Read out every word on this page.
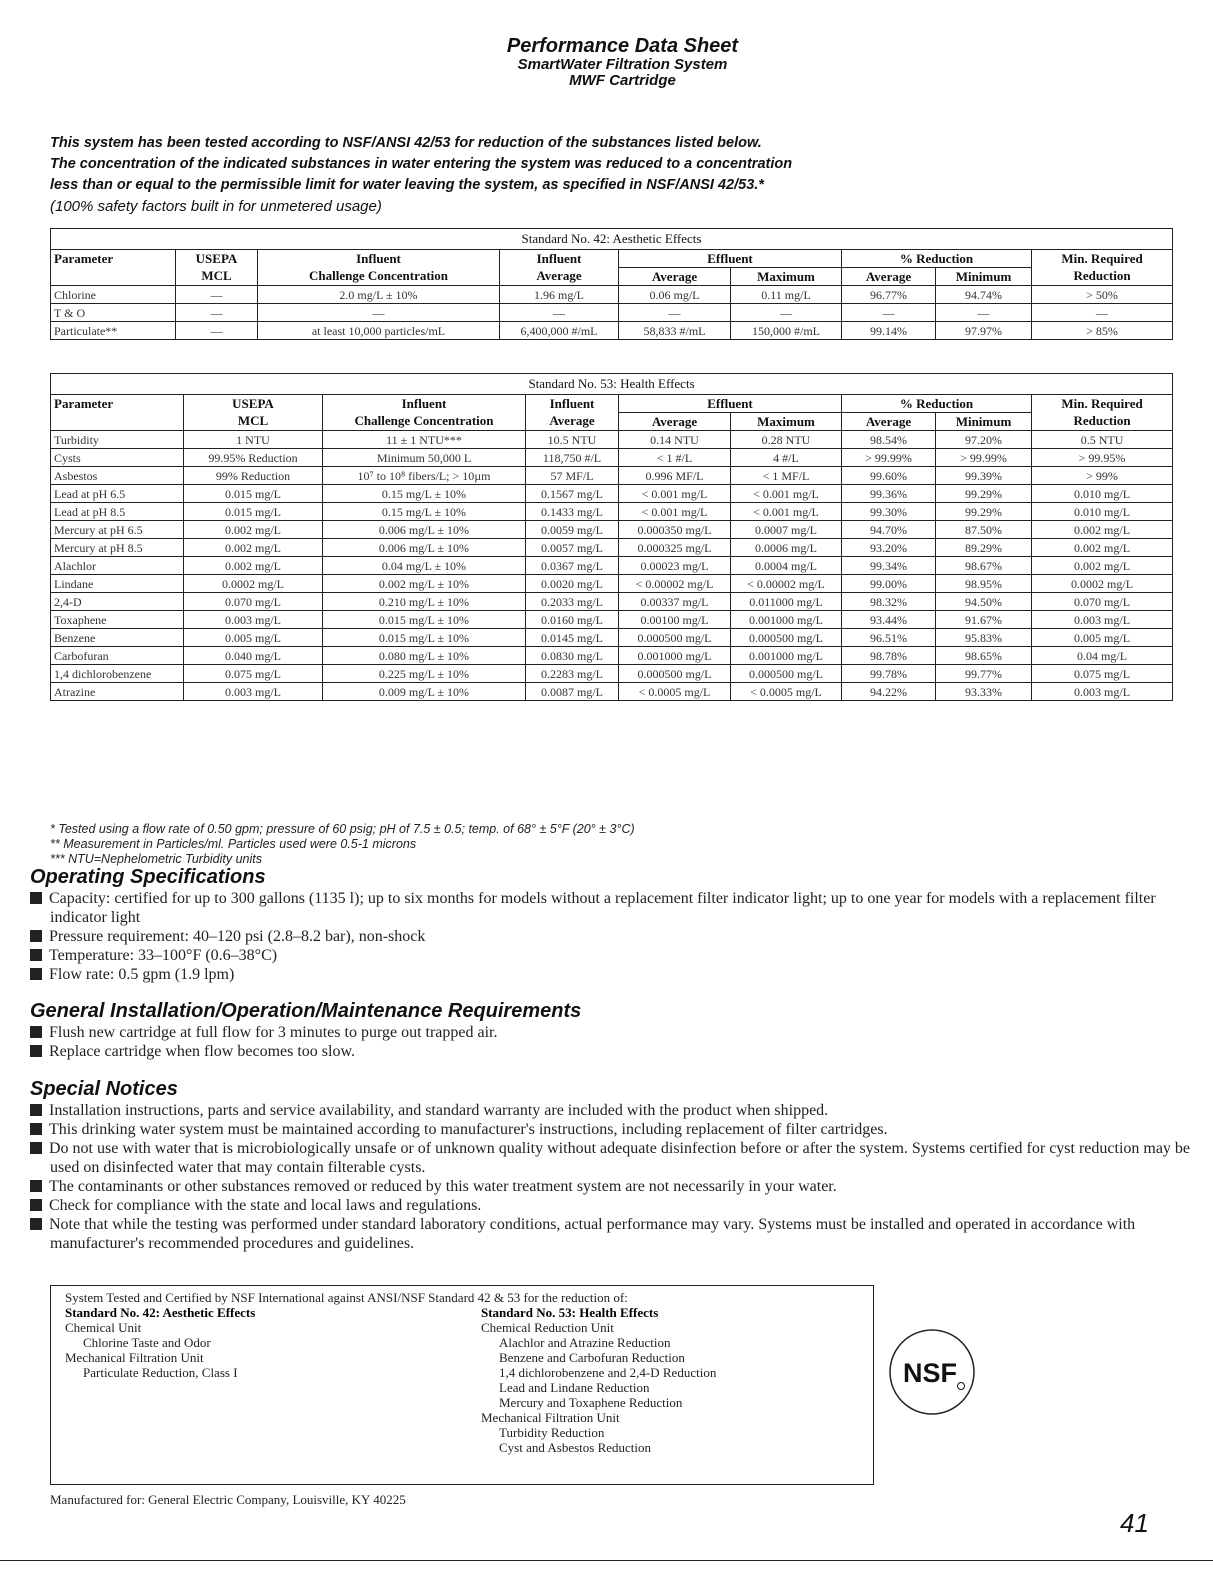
Performance Data Sheet
SmartWater Filtration System
MWF Cartridge
This system has been tested according to NSF/ANSI 42/53 for reduction of the substances listed below.
The concentration of the indicated substances in water entering the system was reduced to a concentration
less than or equal to the permissible limit for water leaving the system, as specified in NSF/ANSI 42/53.*
(100% safety factors built in for unmetered usage)
Standard No. 42: Aesthetic Effects								
Parameter	USEPA	Influent	Influent	Effluent		% Reduction		Min. Required
	MCL	Challenge Concentration	Average	Average	Maximum	Average	Minimum	Reduction
Chlorine	—	2.0 mg/L ± 10%	1.96 mg/L	0.06 mg/L	0.11 mg/L	96.77%	94.74%	> 50%
T & O	—	—	—	—	—	—	—	—
Particulate**	—	at least 10,000 particles/mL	6,400,000 #/mL	58,833 #/mL	150,000 #/mL	99.14%	97.97%	> 85%
Standard No. 53: Health Effects								
Parameter	USEPA	Influent	Influent	Effluent		% Reduction		Min. Required
	MCL	Challenge Concentration	Average	Average	Maximum	Average	Minimum	Reduction
Turbidity	1 NTU	11 ± 1 NTU***	10.5 NTU	0.14 NTU	0.28 NTU	98.54%	97.20%	0.5 NTU
Cysts	99.95% Reduction	Minimum 50,000 L	118,750 #/L	< 1 #/L	4 #/L	> 99.99%	> 99.99%	> 99.95%
Asbestos	99% Reduction	10⁷ to 10⁸ fibers/L; > 10µm	57 MF/L	0.996 MF/L	< 1 MF/L	99.60%	99.39%	> 99%
Lead at pH 6.5	0.015 mg/L	0.15 mg/L ± 10%	0.1567 mg/L	< 0.001 mg/L	< 0.001 mg/L	99.36%	99.29%	0.010 mg/L
Lead at pH 8.5	0.015 mg/L	0.15 mg/L ± 10%	0.1433 mg/L	< 0.001 mg/L	< 0.001 mg/L	99.30%	99.29%	0.010 mg/L
Mercury at pH 6.5	0.002 mg/L	0.006 mg/L ± 10%	0.0059 mg/L	0.000350 mg/L	0.0007 mg/L	94.70%	87.50%	0.002 mg/L
Mercury at pH 8.5	0.002 mg/L	0.006 mg/L ± 10%	0.0057 mg/L	0.000325 mg/L	0.0006 mg/L	93.20%	89.29%	0.002 mg/L
Alachlor	0.002 mg/L	0.04 mg/L ± 10%	0.0367 mg/L	0.00023 mg/L	0.0004 mg/L	99.34%	98.67%	0.002 mg/L
Lindane	0.0002 mg/L	0.002 mg/L ± 10%	0.0020 mg/L	< 0.00002 mg/L	< 0.00002 mg/L	99.00%	98.95%	0.0002 mg/L
2,4-D	0.070 mg/L	0.210 mg/L ± 10%	0.2033 mg/L	0.00337 mg/L	0.011000 mg/L	98.32%	94.50%	0.070 mg/L
Toxaphene	0.003 mg/L	0.015 mg/L ± 10%	0.0160 mg/L	0.00100 mg/L	0.001000 mg/L	93.44%	91.67%	0.003 mg/L
Benzene	0.005 mg/L	0.015 mg/L ± 10%	0.0145 mg/L	0.000500 mg/L	0.000500 mg/L	96.51%	95.83%	0.005 mg/L
Carbofuran	0.040 mg/L	0.080 mg/L ± 10%	0.0830 mg/L	0.001000 mg/L	0.001000 mg/L	98.78%	98.65%	0.04 mg/L
1,4 dichlorobenzene	0.075 mg/L	0.225 mg/L ± 10%	0.2283 mg/L	0.000500 mg/L	0.000500 mg/L	99.78%	99.77%	0.075 mg/L
Atrazine	0.003 mg/L	0.009 mg/L ± 10%	0.0087 mg/L	< 0.0005 mg/L	< 0.0005 mg/L	94.22%	93.33%	0.003 mg/L
* Tested using a flow rate of 0.50 gpm; pressure of 60 psig; pH of 7.5 ± 0.5; temp. of 68° ± 5°F (20° ± 3°C)
** Measurement in Particles/ml. Particles used were 0.5-1 microns
*** NTU=Nephelometric Turbidity units
Operating Specifications
Capacity: certified for up to 300 gallons (1135 l); up to six months for models without a replacement filter indicator light; up to one year for models with a replacement filter indicator light
Pressure requirement: 40–120 psi (2.8–8.2 bar), non-shock
Temperature: 33–100°F (0.6–38°C)
Flow rate: 0.5 gpm (1.9 lpm)
General Installation/Operation/Maintenance Requirements
Flush new cartridge at full flow for 3 minutes to purge out trapped air.
Replace cartridge when flow becomes too slow.
Special Notices
Installation instructions, parts and service availability, and standard warranty are included with the product when shipped.
This drinking water system must be maintained according to manufacturer's instructions, including replacement of filter cartridges.
Do not use with water that is microbiologically unsafe or of unknown quality without adequate disinfection before or after the system. Systems certified for cyst reduction may be used on disinfected water that may contain filterable cysts.
The contaminants or other substances removed or reduced by this water treatment system are not necessarily in your water.
Check for compliance with the state and local laws and regulations.
Note that while the testing was performed under standard laboratory conditions, actual performance may vary. Systems must be installed and operated in accordance with manufacturer's recommended procedures and guidelines.
System Tested and Certified by NSF International against ANSI/NSF Standard 42 & 53 for the reduction of:
Standard No. 42: Aesthetic Effects
Chemical Unit
Chlorine Taste and Odor
Mechanical Filtration Unit
Particulate Reduction, Class I
Standard No. 53: Health Effects
Chemical Reduction Unit
Alachlor and Atrazine Reduction
Benzene and Carbofuran Reduction
1,4 dichlorobenzene and 2,4-D Reduction
Lead and Lindane Reduction
Mercury and Toxaphene Reduction
Mechanical Filtration Unit
Turbidity Reduction
Cyst and Asbestos Reduction
NSF
Manufactured for: General Electric Company, Louisville, KY 40225
41
